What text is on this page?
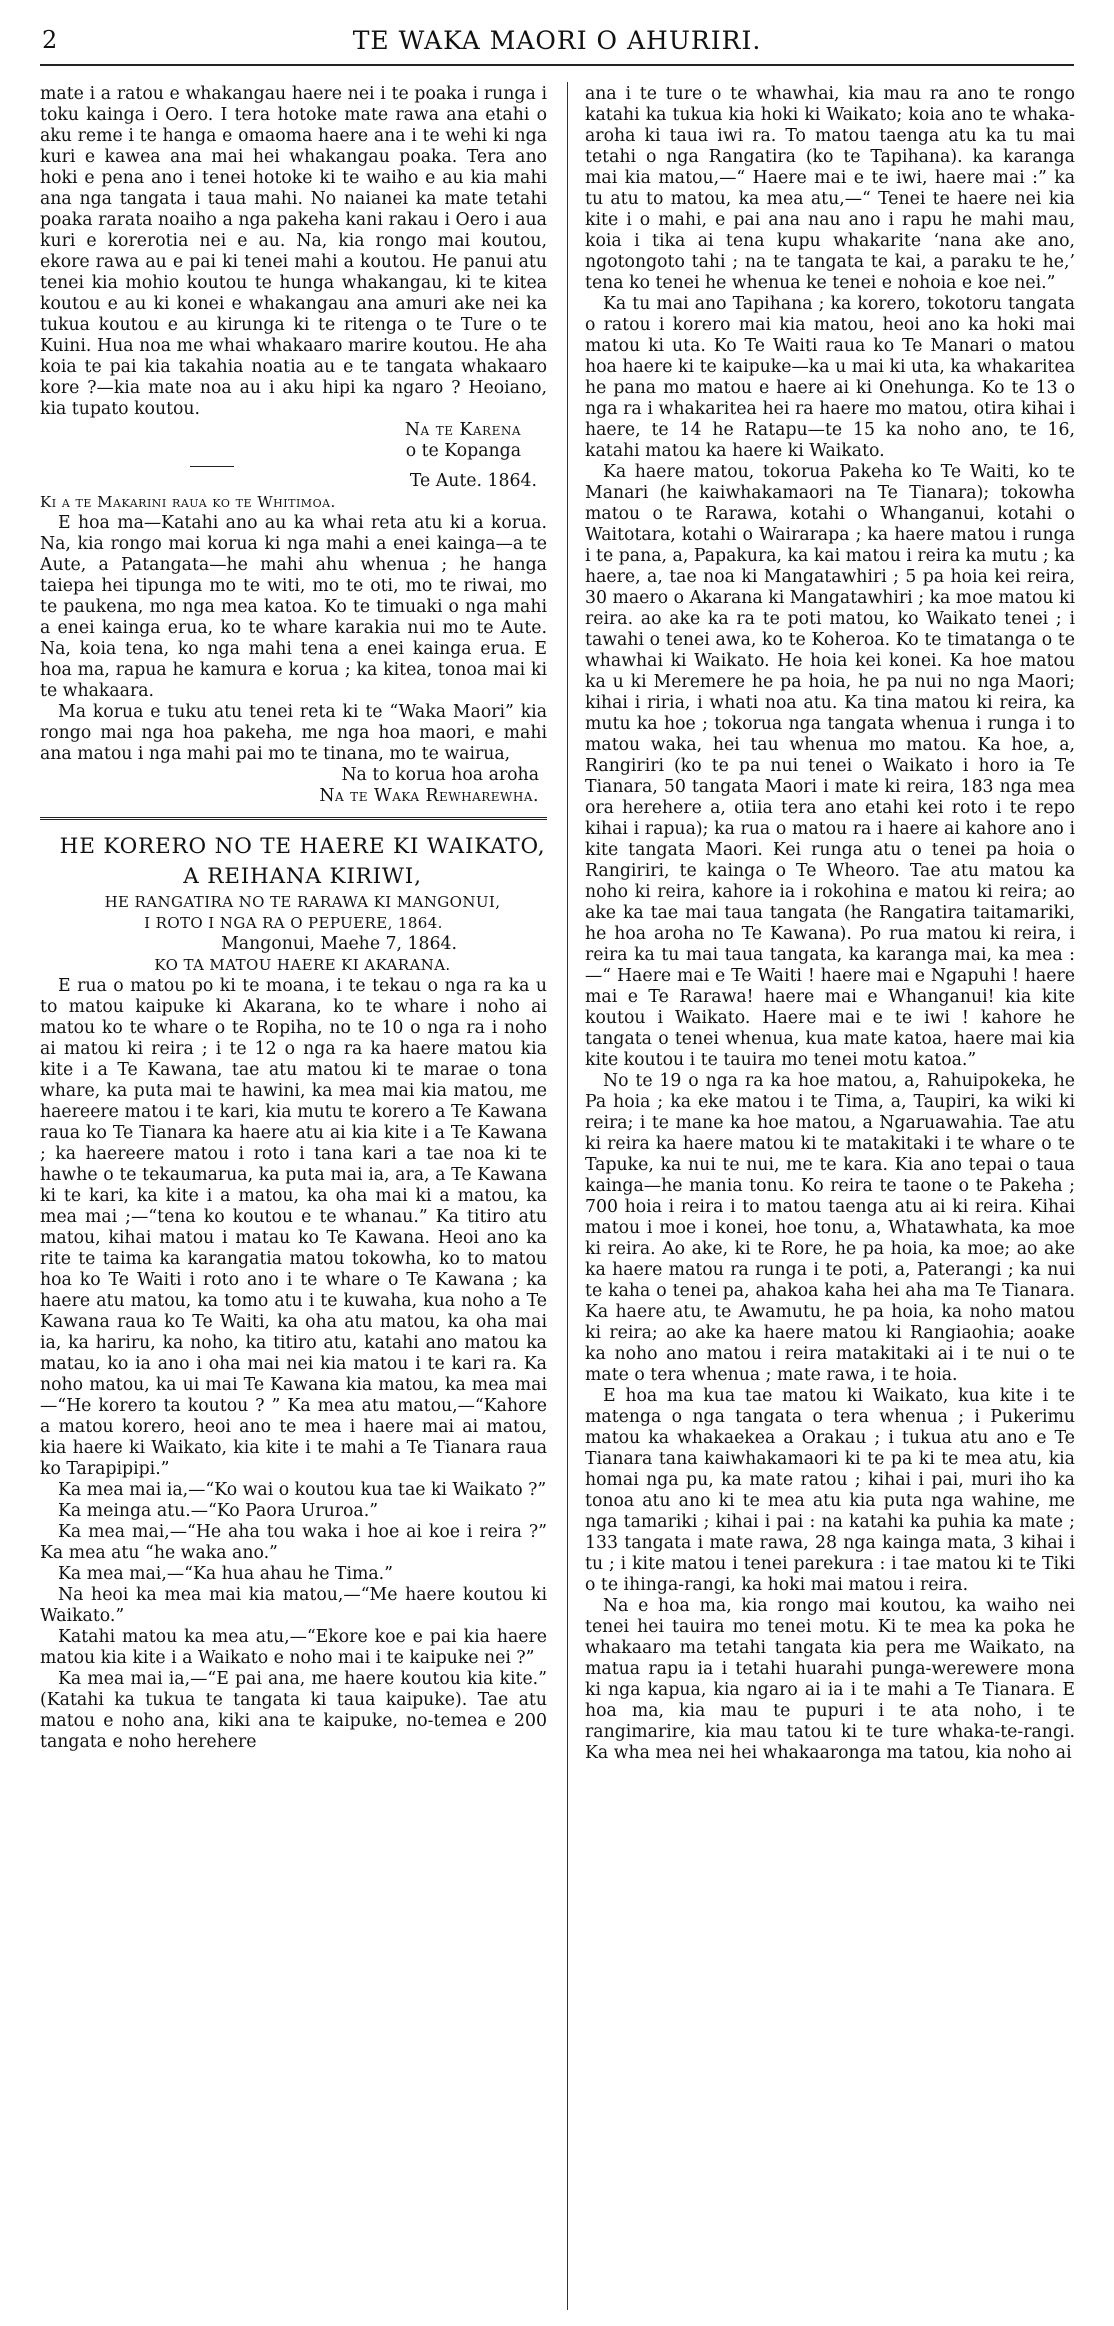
2	TE WAKA MAORI O AHURIRI.

mate i a ratou e whakangau haere nei i te poaka i runga i toku kainga i Oero. I tera hotoke mate rawa ana etahi o aku reme i te hanga e omaoma haere ana i te wehi ki nga kuri e kawea ana mai hei whakangau poaka. Tera ano hoki e pena ano i tenei hotoke ki te waiho e au kia mahi ana nga tangata i taua mahi. No naianei ka mate tetahi poaka rarata noaiho a nga pakeha kani rakau i Oero i aua kuri e korerotia nei e au. Na, kia rongo mai koutou, ekore rawa au e pai ki tenei mahi a koutou. He panui atu tenei kia mohio koutou te hunga whakangau, ki te kitea koutou e au ki konei e whakangau ana amuri ake nei ka tukua koutou e au kirunga ki te ritenga o te Ture o te Kuini. Hua noa me whai whakaaro marire koutou. He aha koia te pai kia takahia noatia au e te tangata whakaaro kore ?—kia mate noa au i aku hipi ka ngaro ? Heoiano, kia tupato koutou.

Na te Karena

o te Kopanga

Te Aute. 1864.

Ki a te Makarini raua ko te Whitimoa.

E hoa ma—Katahi ano au ka whai reta atu ki a korua. Na, kia rongo mai korua ki nga mahi a enei kainga—a te Aute, a Patangata—he mahi ahu whenua ; he hanga taiepa hei tipunga mo te witi, mo te oti, mo te riwai, mo te paukena, mo nga mea katoa. Ko te timuaki o nga mahi a enei kainga erua, ko te whare karakia nui mo te Aute. Na, koia tena, ko nga mahi tena a enei kainga erua. E hoa ma, rapua he kamura e korua ; ka kitea, tonoa mai ki te whakaara.

Ma korua e tuku atu tenei reta ki te “Waka Maori” kia rongo mai nga hoa pakeha, me nga hoa maori, e mahi ana matou i nga mahi pai mo te tinana, mo te wairua,

Na to korua hoa aroha

Na te Waka Rewharewha.

HE KORERO NO TE HAERE KI WAIKATO,

A REIHANA KIRIWI,

HE RANGATIRA NO TE RARAWA KI MANGONUI,
I ROTO I NGA RA O PEPUERE, 1864.

Mangonui, Maehe 7, 1864.

KO TA MATOU HAERE KI AKARANA.

E rua o matou po ki te moana, i te tekau o nga ra ka u to matou kaipuke ki Akarana, ko te whare i noho ai matou ko te whare o te Ropiha, no te 10 o nga ra i noho ai matou ki reira ; i te 12 o nga ra ka haere matou kia kite i a Te Kawana, tae atu matou ki te marae o tona whare, ka puta mai te hawini, ka mea mai kia matou, me haereere matou i te kari, kia mutu te korero a Te Kawana raua ko Te Tianara ka haere atu ai kia kite i a Te Kawana ; ka haereere matou i roto i tana kari a tae noa ki te hawhe o te tekaumarua, ka puta mai ia, ara, a Te Kawana ki te kari, ka kite i a matou, ka oha mai ki a matou, ka mea mai ;—“tena ko koutou e te whanau.” Ka titiro atu matou, kihai matou i matau ko Te Kawana. Heoi ano ka rite te taima ka karangatia matou tokowha, ko to matou hoa ko Te Waiti i roto ano i te whare o Te Kawana ; ka haere atu matou, ka tomo atu i te kuwaha, kua noho a Te Kawana raua ko Te Waiti, ka oha atu matou, ka oha mai ia, ka hariru, ka noho, ka titiro atu, katahi ano matou ka matau, ko ia ano i oha mai nei kia matou i te kari ra. Ka noho matou, ka ui mai Te Kawana kia matou, ka mea mai—“He korero ta koutou ? ” Ka mea atu matou,—“Kahore a matou korero, heoi ano te mea i haere mai ai matou, kia haere ki Waikato, kia kite i te mahi a Te Tianara raua ko Tarapipipi.”

Ka mea mai ia,—“Ko wai o koutou kua tae ki Waikato ?”

Ka meinga atu.—“Ko Paora Ururoa.”

Ka mea mai,—“He aha tou waka i hoe ai koe i reira ?” Ka mea atu “he waka ano.”

Ka mea mai,—“Ka hua ahau he Tima.”

Na heoi ka mea mai kia matou,—“Me haere koutou ki Waikato.”

Katahi matou ka mea atu,—“Ekore koe e pai kia haere matou kia kite i a Waikato e noho mai i te kaipuke nei ?”

Ka mea mai ia,—“E pai ana, me haere koutou kia kite.” (Katahi ka tukua te tangata ki taua kaipuke). Tae atu matou e noho ana, kiki ana te kaipuke, no-temea e 200 tangata e noho herehere

ana i te ture o te whawhai, kia mau ra ano te rongo katahi ka tukua kia hoki ki Waikato; koia ano te whaka-aroha ki taua iwi ra. To matou taenga atu ka tu mai tetahi o nga Rangatira (ko te Tapihana). ka karanga mai kia matou,—“ Haere mai e te iwi, haere mai :” ka tu atu to matou, ka mea atu,—“ Tenei te haere nei kia kite i o mahi, e pai ana nau ano i rapu he mahi mau, koia i tika ai tena kupu whakarite ‘nana ake ano, ngotongoto tahi ; na te tangata te kai, a paraku te he,’ tena ko tenei he whenua ke tenei e nohoia e koe nei.”

Ka tu mai ano Tapihana ; ka korero, tokotoru tangata o ratou i korero mai kia matou, heoi ano ka hoki mai matou ki uta. Ko Te Waiti raua ko Te Manari o matou hoa haere ki te kaipuke—ka u mai ki uta, ka whakaritea he pana mo matou e haere ai ki Onehunga. Ko te 13 o nga ra i whakaritea hei ra haere mo matou, otira kihai i haere, te 14 he Ratapu—te 15 ka noho ano, te 16, katahi matou ka haere ki Waikato.

Ka haere matou, tokorua Pakeha ko Te Waiti, ko te Manari (he kaiwhakamaori na Te Tianara); tokowha matou o te Rarawa, kotahi o Whanganui, kotahi o Waitotara, kotahi o Wairarapa ; ka haere matou i runga i te pana, a, Papakura, ka kai matou i reira ka mutu ; ka haere, a, tae noa ki Mangatawhiri ; 5 pa hoia kei reira, 30 maero o Akarana ki Mangatawhiri ; ka moe matou ki reira. ao ake ka ra te poti matou, ko Waikato tenei ; i tawahi o tenei awa, ko te Koheroa. Ko te timatanga o te whawhai ki Waikato. He hoia kei konei. Ka hoe matou ka u ki Meremere he pa hoia, he pa nui no nga Maori; kihai i riria, i whati noa atu. Ka tina matou ki reira, ka mutu ka hoe ; tokorua nga tangata whenua i runga i to matou waka, hei tau whenua mo matou. Ka hoe, a, Rangiriri (ko te pa nui tenei o Waikato i horo ia Te Tianara, 50 tangata Maori i mate ki reira, 183 nga mea ora herehere a, otiia tera ano etahi kei roto i te repo kihai i rapua); ka rua o matou ra i haere ai kahore ano i kite tangata Maori. Kei runga atu o tenei pa hoia o Rangiriri, te kainga o Te Wheoro. Tae atu matou ka noho ki reira, kahore ia i rokohina e matou ki reira; ao ake ka tae mai taua tangata (he Rangatira taitamariki, he hoa aroha no Te Kawana). Po rua matou ki reira, i reira ka tu mai taua tangata, ka karanga mai, ka mea :—“ Haere mai e Te Waiti ! haere mai e Ngapuhi ! haere mai e Te Rarawa! haere mai e Whanganui! kia kite koutou i Waikato. Haere mai e te iwi ! kahore he tangata o tenei whenua, kua mate katoa, haere mai kia kite koutou i te tauira mo tenei motu katoa.”

No te 19 o nga ra ka hoe matou, a, Rahuipokeka, he Pa hoia ; ka eke matou i te Tima, a, Taupiri, ka wiki ki reira; i te mane ka hoe matou, a Ngaruawahia. Tae atu ki reira ka haere matou ki te matakitaki i te whare o te Tapuke, ka nui te nui, me te kara. Kia ano tepai o taua kainga—he mania tonu. Ko reira te taone o te Pakeha ; 700 hoia i reira i to matou taenga atu ai ki reira. Kihai matou i moe i konei, hoe tonu, a, Whatawhata, ka moe ki reira. Ao ake, ki te Rore, he pa hoia, ka moe; ao ake ka haere matou ra runga i te poti, a, Paterangi ; ka nui te kaha o tenei pa, ahakoa kaha hei aha ma Te Tianara. Ka haere atu, te Awamutu, he pa hoia, ka noho matou ki reira; ao ake ka haere matou ki Rangiaohia; aoake ka noho ano matou i reira matakitaki ai i te nui o te mate o tera whenua ; mate rawa, i te hoia.

E hoa ma kua tae matou ki Waikato, kua kite i te matenga o nga tangata o tera whenua ; i Pukerimu matou ka whakaekea a Orakau ; i tukua atu ano e Te Tianara tana kaiwhakamaori ki te pa ki te mea atu, kia homai nga pu, ka mate ratou ; kihai i pai, muri iho ka tonoa atu ano ki te mea atu kia puta nga wahine, me nga tamariki ; kihai i pai : na katahi ka puhia ka mate ; 133 tangata i mate rawa, 28 nga kainga mata, 3 kihai i tu ; i kite matou i tenei parekura : i tae matou ki te Tiki o te ihinga-rangi, ka hoki mai matou i reira.

Na e hoa ma, kia rongo mai koutou, ka waiho nei tenei hei tauira mo tenei motu. Ki te mea ka poka he whakaaro ma tetahi tangata kia pera me Waikato, na matua rapu ia i tetahi huarahi punga-werewere mona ki nga kapua, kia ngaro ai ia i te mahi a Te Tianara. E hoa ma, kia mau te pupuri i te ata noho, i te rangimarire, kia mau tatou ki te ture whaka-te-rangi. Ka wha mea nei hei whakaaronga ma tatou, kia noho ai
